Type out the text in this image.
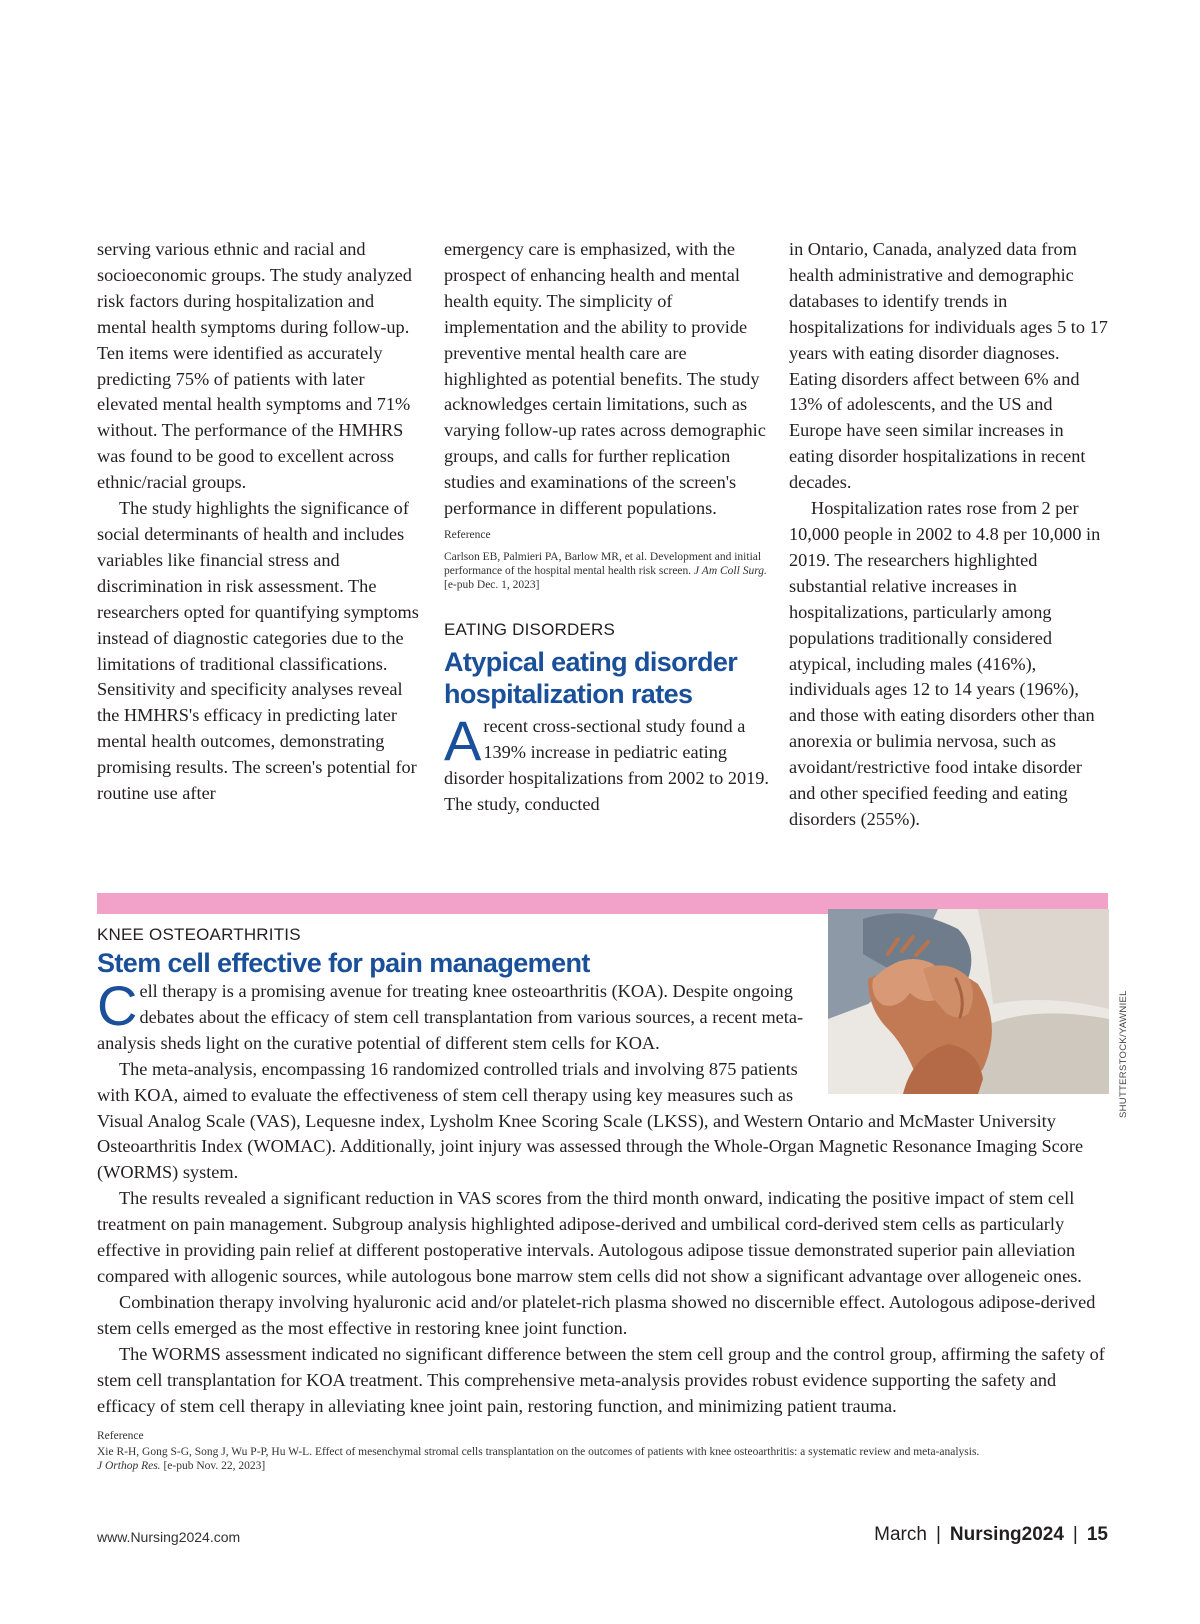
serving various ethnic and racial and socioeconomic groups. The study analyzed risk factors during hospitalization and mental health symptoms during follow-up. Ten items were identified as accurately predicting 75% of patients with later elevated mental health symptoms and 71% without. The performance of the HMHRS was found to be good to excellent across ethnic/racial groups.

The study highlights the significance of social determinants of health and includes variables like financial stress and discrimination in risk assessment. The researchers opted for quantifying symptoms instead of diagnostic categories due to the limitations of traditional classifications. Sensitivity and specificity analyses reveal the HMHRS's efficacy in predicting later mental health outcomes, demonstrating promising results. The screen's potential for routine use after

emergency care is emphasized, with the prospect of enhancing health and mental health equity. The simplicity of implementation and the ability to provide preventive mental health care are highlighted as potential benefits. The study acknowledges certain limitations, such as varying follow-up rates across demographic groups, and calls for further replication studies and examinations of the screen's performance in different populations.

Reference

Carlson EB, Palmieri PA, Barlow MR, et al. Development and initial performance of the hospital mental health risk screen. J Am Coll Surg. [e-pub Dec. 1, 2023]

EATING DISORDERS

Atypical eating disorder hospitalization rates

Arecent cross-sectional study found a 139% increase in pediatric eating disorder hospitalizations from 2002 to 2019. The study, conducted

in Ontario, Canada, analyzed data from health administrative and demographic databases to identify trends in hospitalizations for individuals ages 5 to 17 years with eating disorder diagnoses. Eating disorders affect between 6% and 13% of adolescents, and the US and Europe have seen similar increases in eating disorder hospitalizations in recent decades.

Hospitalization rates rose from 2 per 10,000 people in 2002 to 4.8 per 10,000 in 2019. The researchers highlighted substantial relative increases in hospitalizations, particularly among populations traditionally considered atypical, including males (416%), individuals ages 12 to 14 years (196%), and those with eating disorders other than anorexia or bulimia nervosa, such as avoidant/restrictive food intake disorder and other specified feeding and eating disorders (255%).

KNEE OSTEOARTHRITIS

Stem cell effective for pain management

Cell therapy is a promising avenue for treating knee osteoarthritis (KOA). Despite ongoing debates about the efficacy of stem cell transplantation from various sources, a recent meta-analysis sheds light on the curative potential of different stem cells for KOA.

The meta-analysis, encompassing 16 randomized controlled trials and involving 875 patients with KOA, aimed to evaluate the effectiveness of stem cell therapy using key measures such as Visual Analog Scale (VAS), Lequesne index, Lysholm Knee Scoring Scale (LKSS), and Western Ontario and McMaster University Osteoarthritis Index (WOMAC). Additionally, joint injury was assessed through the Whole-Organ Magnetic Resonance Imaging Score (WORMS) system.

The results revealed a significant reduction in VAS scores from the third month onward, indicating the positive impact of stem cell treatment on pain management. Subgroup analysis highlighted adipose-derived and umbilical cord-derived stem cells as particularly effective in providing pain relief at different postoperative intervals. Autologous adipose tissue demonstrated superior pain alleviation compared with allogenic sources, while autologous bone marrow stem cells did not show a significant advantage over allogeneic ones.

Combination therapy involving hyaluronic acid and/or platelet-rich plasma showed no discernible effect. Autologous adipose-derived stem cells emerged as the most effective in restoring knee joint function.

The WORMS assessment indicated no significant difference between the stem cell group and the control group, affirming the safety of stem cell transplantation for KOA treatment. This comprehensive meta-analysis provides robust evidence supporting the safety and efficacy of stem cell therapy in alleviating knee joint pain, restoring function, and minimizing patient trauma.

Reference

Xie R-H, Gong S-G, Song J, Wu P-P, Hu W-L. Effect of mesenchymal stromal cells transplantation on the outcomes of patients with knee osteoarthritis: a systematic review and meta-analysis.
J Orthop Res. [e-pub Nov. 22, 2023]

SHUTTERSTOCK/YAWNIEL
www.Nursing2024.com	March | Nursing2024 | 15
